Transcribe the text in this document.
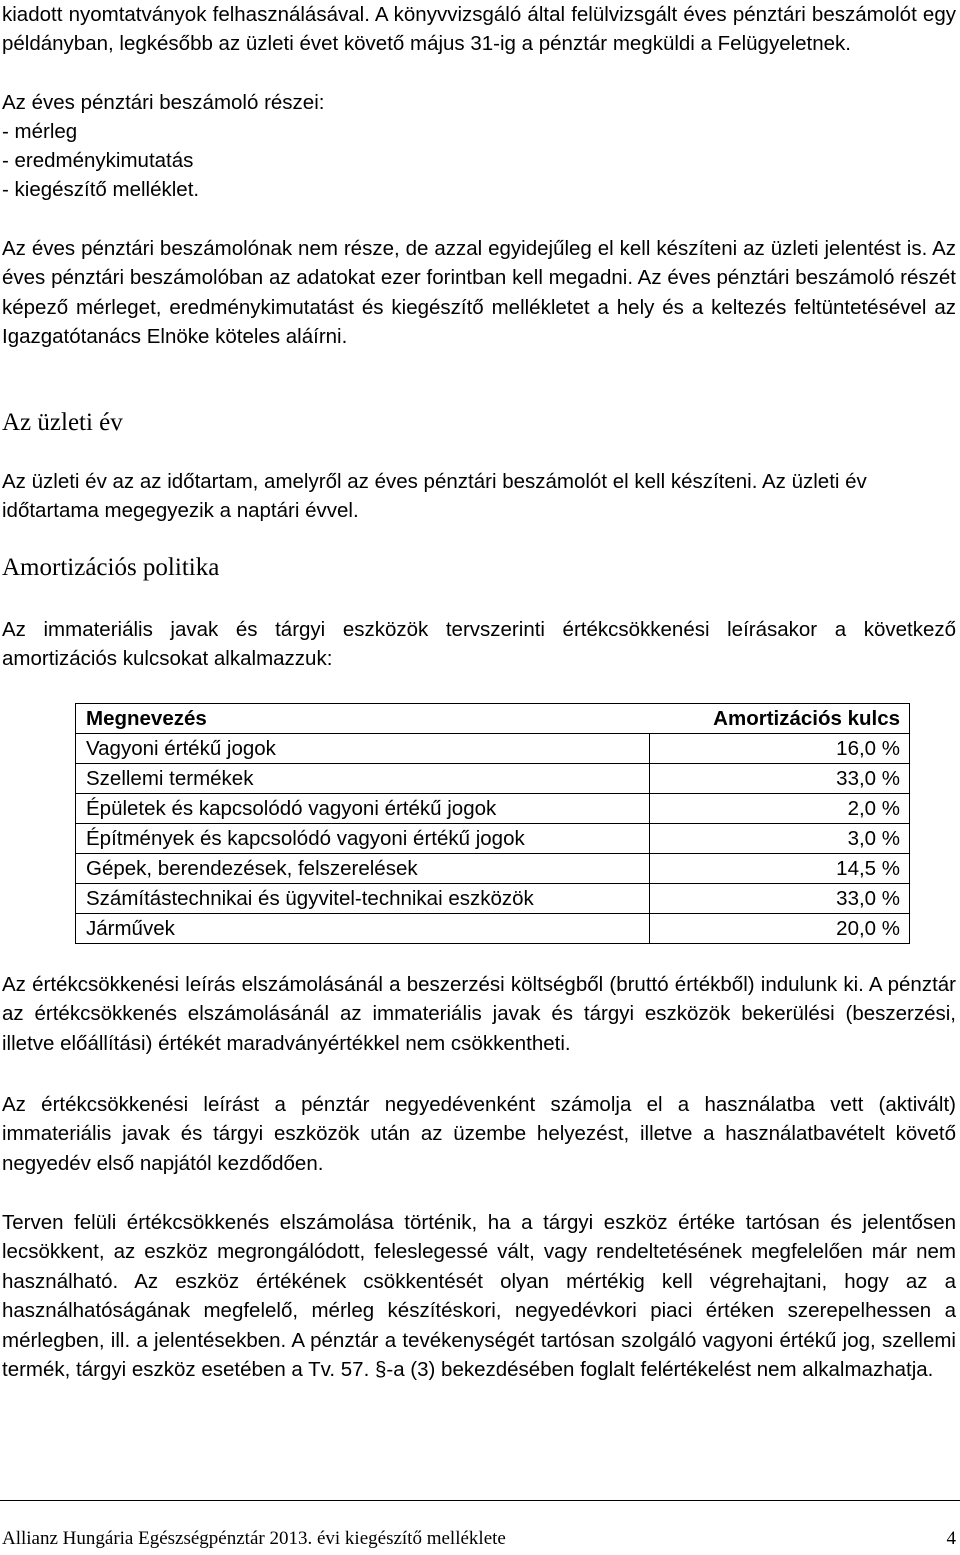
kiadott nyomtatványok felhasználásával. A könyvvizsgáló által felülvizsgált éves pénztári beszámolót egy példányban, legkésőbb az üzleti évet követő május 31-ig a pénztár megküldi a Felügyeletnek.
Az éves pénztári beszámoló részei:
- mérleg
- eredménykimutatás
- kiegészítő melléklet.
Az éves pénztári beszámolónak nem része, de azzal egyidejűleg el kell készíteni az üzleti jelentést is. Az éves pénztári beszámolóban az adatokat ezer forintban kell megadni. Az éves pénztári beszámoló részét képező mérleget, eredménykimutatást és kiegészítő mellékletet a hely és a keltezés feltüntetésével az Igazgatótanács Elnöke köteles aláírni.
Az üzleti év
Az üzleti év az az időtartam, amelyről az éves pénztári beszámolót el kell készíteni. Az üzleti év időtartama megegyezik a naptári évvel.
Amortizációs politika
Az immateriális javak és tárgyi eszközök tervszerinti értékcsökkenési leírásakor a következő amortizációs kulcsokat alkalmazzuk:
Megnevezés	Amortizációs kulcs
Vagyoni értékű jogok	16,0 %
Szellemi termékek	33,0 %
Épületek és kapcsolódó vagyoni értékű jogok	2,0 %
Építmények és kapcsolódó vagyoni értékű jogok	3,0 %
Gépek, berendezések, felszerelések	14,5 %
Számítástechnikai és ügyvitel-technikai eszközök	33,0 %
Járművek	20,0 %
Az értékcsökkenési leírás elszámolásánál a beszerzési költségből (bruttó értékből) indulunk ki. A pénztár az értékcsökkenés elszámolásánál az immateriális javak és tárgyi eszközök bekerülési (beszerzési, illetve előállítási) értékét maradványértékkel nem csökkentheti.
Az értékcsökkenési leírást a pénztár negyedévenként számolja el a használatba vett (aktivált) immateriális javak és tárgyi eszközök után az üzembe helyezést, illetve a használatbavételt követő negyedév első napjától kezdődően.
Terven felüli értékcsökkenés elszámolása történik, ha a tárgyi eszköz értéke tartósan és jelentősen lecsökkent, az eszköz megrongálódott, feleslegessé vált, vagy rendeltetésének megfelelően már nem használható. Az eszköz értékének csökkentését olyan mértékig kell végrehajtani, hogy az a használhatóságának megfelelő, mérleg készítéskori, negyedévkori piaci értéken szerepelhessen a mérlegben, ill. a jelentésekben. A pénztár a tevékenységét tartósan szolgáló vagyoni értékű jog, szellemi termék, tárgyi eszköz esetében a Tv. 57. §-a (3) bekezdésében foglalt felértékelést nem alkalmazhatja.
Allianz Hungária Egészségpénztár 2013. évi kiegészítő melléklete	4
